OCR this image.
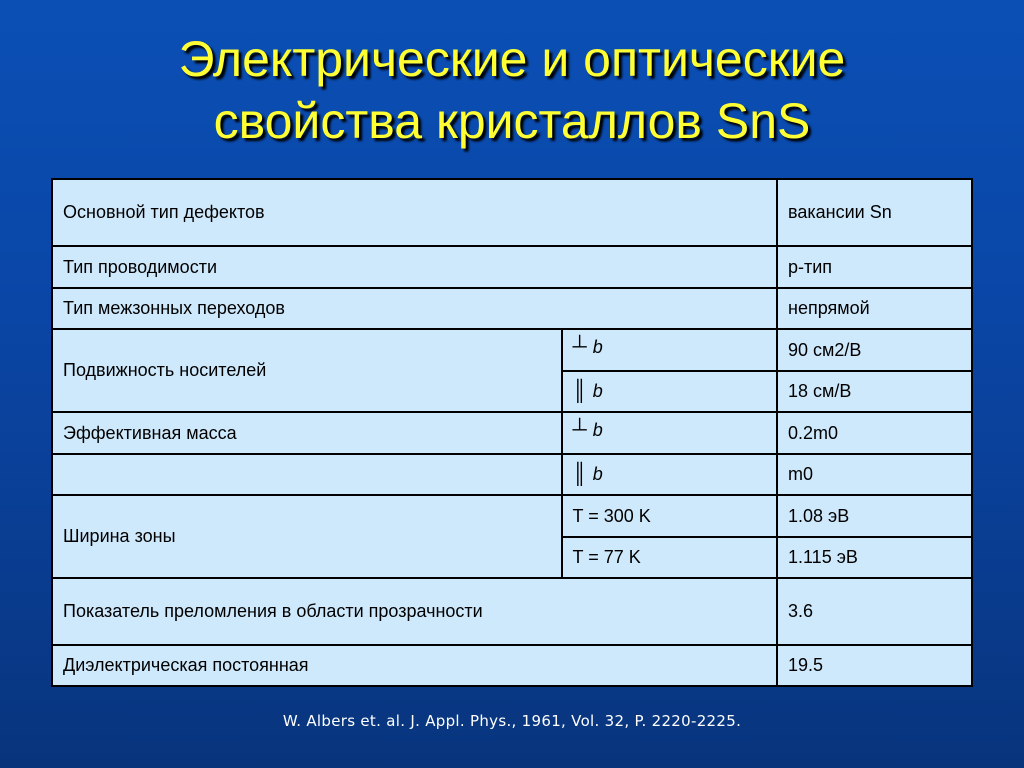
Электрические и оптические
свойства кристаллов SnS
Основной тип дефектов		вакансии Sn
Тип проводимости		p-тип
Тип межзонных переходов		непрямой
Подвижность носителей	┴ b	90 см2/В
	║ b	18 см/В
Эффективная масса	┴ b	0.2m0
	║ b	m0
Ширина зоны	T = 300 K	1.08 эВ
	T = 77 K	1.115 эВ
Показатель преломления в области прозрачности		3.6
Диэлектрическая постоянная		19.5
W. Albers et. al. J. Appl. Phys., 1961, Vol. 32, P. 2220-2225.
